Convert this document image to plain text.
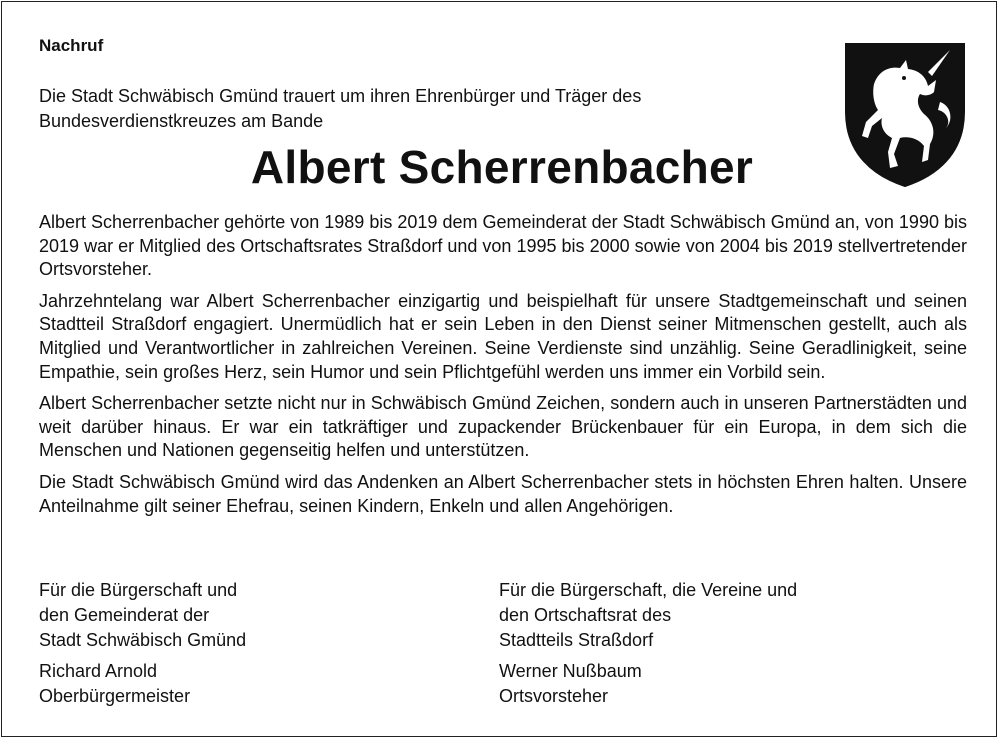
Nachruf
Die Stadt Schwäbisch Gmünd trauert um ihren Ehrenbürger und Träger des
Bundesverdienstkreuzes am Bande
Albert Scherrenbacher

Albert Scherrenbacher gehörte von 1989 bis 2019 dem Gemeinderat der Stadt Schwäbisch Gmünd an, von 1990 bis 2019 war er Mitglied des Ortschaftsrates Straßdorf und von 1995 bis 2000 sowie von 2004 bis 2019 stellvertretender Ortsvorsteher.

Jahrzehntelang war Albert Scherrenbacher einzigartig und beispielhaft für unsere Stadtgemeinschaft und seinen Stadtteil Straßdorf engagiert. Unermüdlich hat er sein Leben in den Dienst seiner Mitmenschen gestellt, auch als Mitglied und Verantwortlicher in zahlreichen Vereinen. Seine Verdienste sind unzählig. Seine Geradlinigkeit, seine Empathie, sein großes Herz, sein Humor und sein Pflichtgefühl werden uns immer ein Vorbild sein.

Albert Scherrenbacher setzte nicht nur in Schwäbisch Gmünd Zeichen, sondern auch in unseren Partnerstädten und weit darüber hinaus. Er war ein tatkräftiger und zupackender Brückenbauer für ein Europa, in dem sich die Menschen und Nationen gegenseitig helfen und unterstützen.

Die Stadt Schwäbisch Gmünd wird das Andenken an Albert Scherrenbacher stets in höchsten Ehren halten. Unsere Anteilnahme gilt seiner Ehefrau, seinen Kindern, Enkeln und allen Angehörigen.

Für die Bürgerschaft und
den Gemeinderat der
Stadt Schwäbisch Gmünd
Richard Arnold
Oberbürgermeister
Für die Bürgerschaft, die Vereine und
den Ortschaftsrat des
Stadtteils Straßdorf
Werner Nußbaum
Ortsvorsteher
